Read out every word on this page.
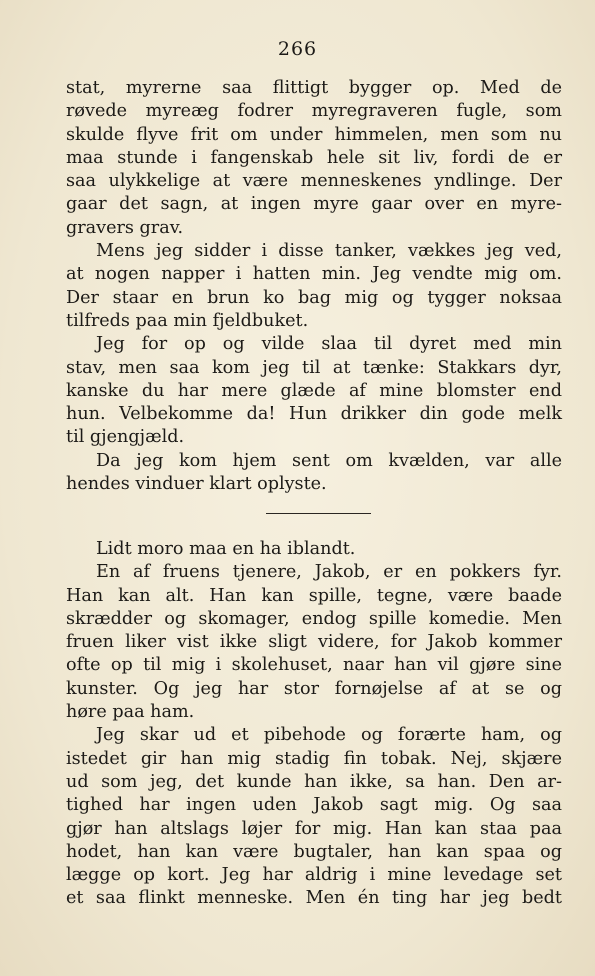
266
stat, myrerne saa flittigt bygger op. Med de
røvede myreæg fodrer myregraveren fugle, som
skulde flyve frit om under himmelen, men som nu
maa stunde i fangenskab hele sit liv, fordi de er
saa ulykkelige at være menneskenes yndlinge. Der
gaar det sagn, at ingen myre gaar over en myre-
gravers grav.
Mens jeg sidder i disse tanker, vækkes jeg ved,
at nogen napper i hatten min. Jeg vendte mig om.
Der staar en brun ko bag mig og tygger noksaa
tilfreds paa min fjeldbuket.
Jeg for op og vilde slaa til dyret med min
stav, men saa kom jeg til at tænke: Stakkars dyr,
kanske du har mere glæde af mine blomster end
hun. Velbekomme da! Hun drikker din gode melk
til gjengjæld.
Da jeg kom hjem sent om kvælden, var alle
hendes vinduer klart oplyste.
Lidt moro maa en ha iblandt.
En af fruens tjenere, Jakob, er en pokkers fyr.
Han kan alt. Han kan spille, tegne, være baade
skrædder og skomager, endog spille komedie. Men
fruen liker vist ikke sligt videre, for Jakob kommer
ofte op til mig i skolehuset, naar han vil gjøre sine
kunster. Og jeg har stor fornøjelse af at se og
høre paa ham.
Jeg skar ud et pibehode og forærte ham, og
istedet gir han mig stadig fin tobak. Nej, skjære
ud som jeg, det kunde han ikke, sa han. Den ar-
tighed har ingen uden Jakob sagt mig. Og saa
gjør han altslags løjer for mig. Han kan staa paa
hodet, han kan være bugtaler, han kan spaa og
lægge op kort. Jeg har aldrig i mine levedage set
et saa flinkt menneske. Men én ting har jeg bedt
